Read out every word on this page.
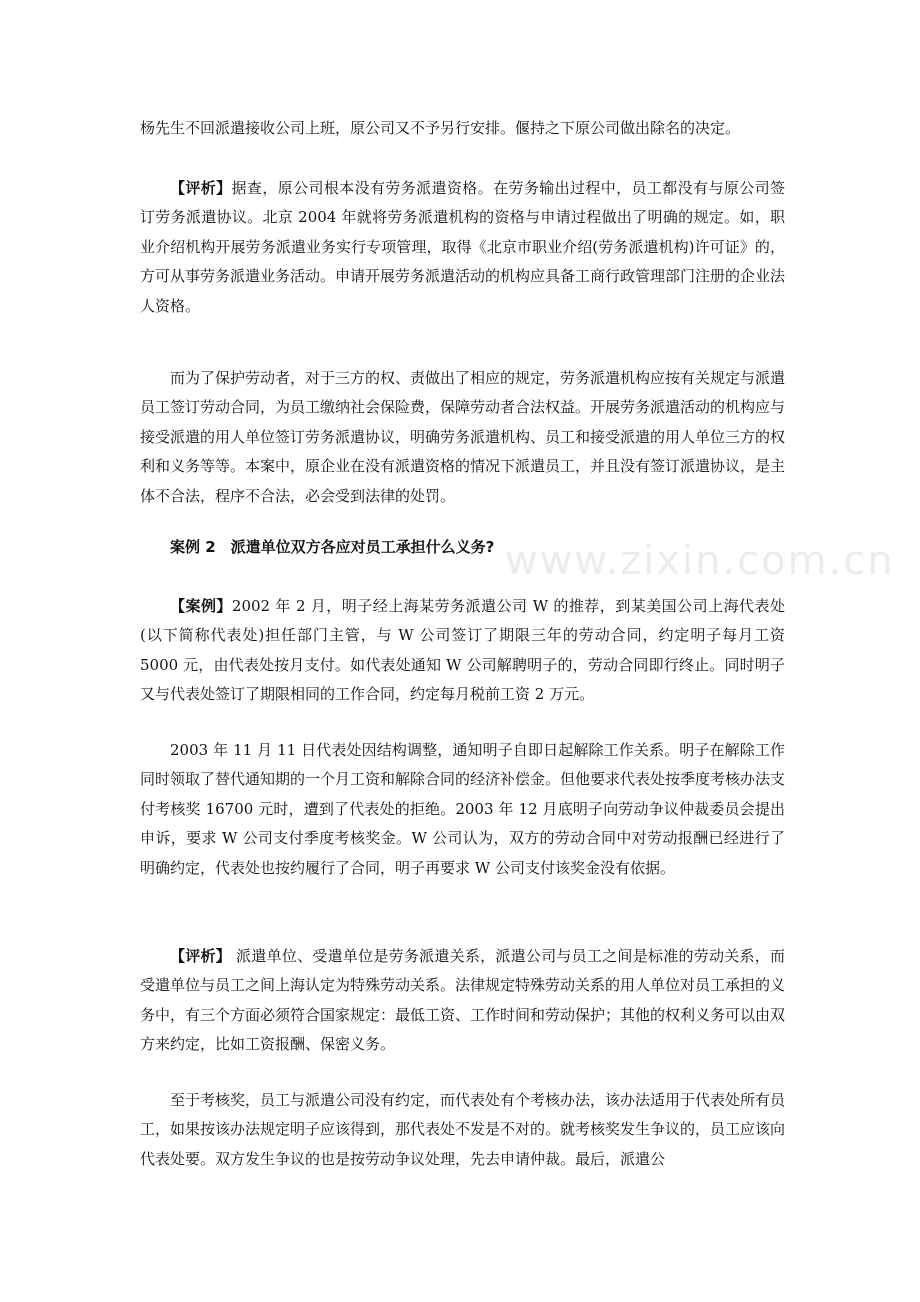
www.zixin.com.cn

杨先生不回派遣接收公司上班，原公司又不予另行安排。偃持之下原公司做出除名的决定。

【评析】据查，原公司根本没有劳务派遣资格。在劳务输出过程中，员工都没有与原公司签订劳务派遣协议。北京 2004 年就将劳务派遣机构的资格与申请过程做出了明确的规定。如，职业介绍机构开展劳务派遣业务实行专项管理，取得《北京市职业介绍(劳务派遣机构)许可证》的，方可从事劳务派遣业务活动。申请开展劳务派遣活动的机构应具备工商行政管理部门注册的企业法人资格。

而为了保护劳动者，对于三方的权、责做出了相应的规定，劳务派遣机构应按有关规定与派遣员工签订劳动合同，为员工缴纳社会保险费，保障劳动者合法权益。开展劳务派遣活动的机构应与接受派遣的用人单位签订劳务派遣协议，明确劳务派遣机构、员工和接受派遣的用人单位三方的权利和义务等等。本案中，原企业在没有派遣资格的情况下派遣员工，并且没有签订派遣协议，是主体不合法，程序不合法，必会受到法律的处罚。

案例 2　派遣单位双方各应对员工承担什么义务?

【案例】2002 年 2 月，明子经上海某劳务派遣公司 W 的推荐，到某美国公司上海代表处(以下简称代表处)担任部门主管，与 W 公司签订了期限三年的劳动合同，约定明子每月工资 5000 元，由代表处按月支付。如代表处通知 W 公司解聘明子的，劳动合同即行终止。同时明子又与代表处签订了期限相同的工作合同，约定每月税前工资 2 万元。

2003 年 11 月 11 日代表处因结构调整，通知明子自即日起解除工作关系。明子在解除工作同时领取了替代通知期的一个月工资和解除合同的经济补偿金。但他要求代表处按季度考核办法支付考核奖 16700 元时，遭到了代表处的拒绝。2003 年 12 月底明子向劳动争议仲裁委员会提出申诉，要求 W 公司支付季度考核奖金。W 公司认为，双方的劳动合同中对劳动报酬已经进行了明确约定，代表处也按约履行了合同，明子再要求 W 公司支付该奖金没有依据。

【评析】 派遣单位、受遣单位是劳务派遣关系，派遣公司与员工之间是标准的劳动关系，而受遣单位与员工之间上海认定为特殊劳动关系。法律规定特殊劳动关系的用人单位对员工承担的义务中，有三个方面必须符合国家规定：最低工资、工作时间和劳动保护；其他的权利义务可以由双方来约定，比如工资报酬、保密义务。

至于考核奖，员工与派遣公司没有约定，而代表处有个考核办法，该办法适用于代表处所有员工，如果按该办法规定明子应该得到，那代表处不发是不对的。就考核奖发生争议的，员工应该向代表处要。双方发生争议的也是按劳动争议处理，先去申请仲裁。最后，派遣公
